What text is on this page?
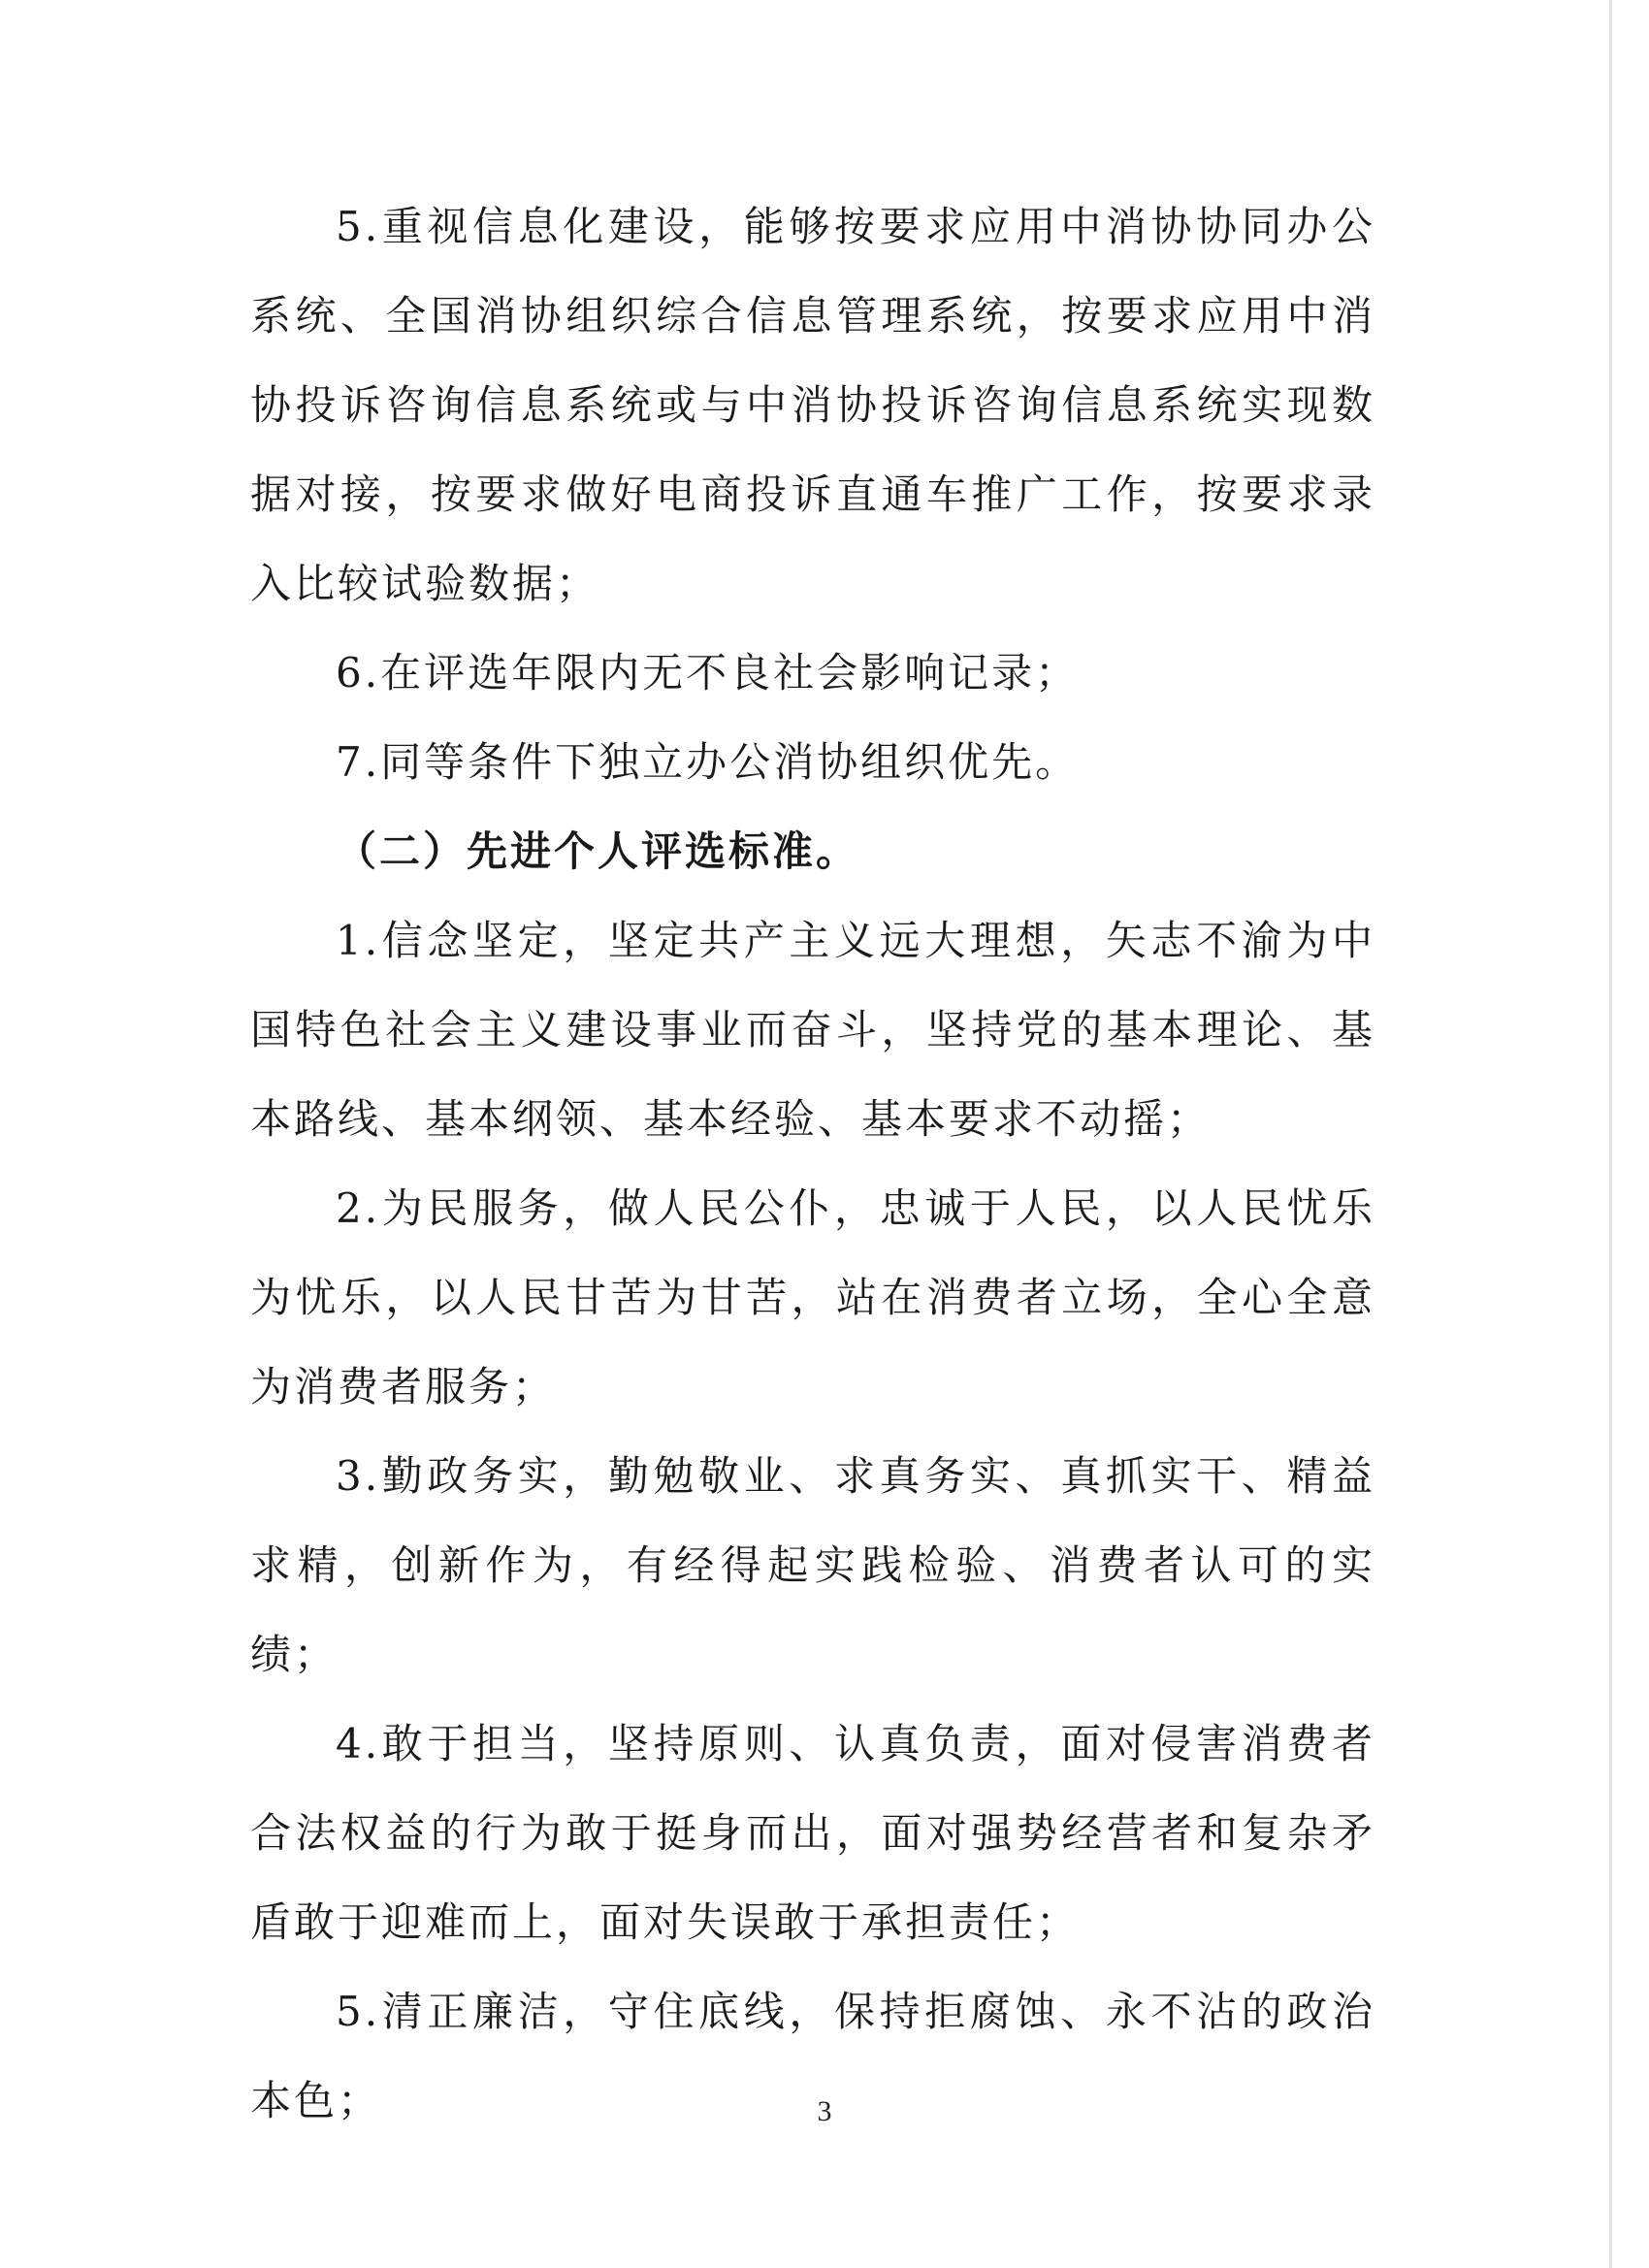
5.重视信息化建设，能够按要求应用中消协协同办公系统、全国消协组织综合信息管理系统，按要求应用中消协投诉咨询信息系统或与中消协投诉咨询信息系统实现数据对接，按要求做好电商投诉直通车推广工作，按要求录入比较试验数据；

6.在评选年限内无不良社会影响记录；

7.同等条件下独立办公消协组织优先。

（二）先进个人评选标准。

1.信念坚定，坚定共产主义远大理想，矢志不渝为中国特色社会主义建设事业而奋斗，坚持党的基本理论、基本路线、基本纲领、基本经验、基本要求不动摇；

2.为民服务，做人民公仆，忠诚于人民，以人民忧乐为忧乐，以人民甘苦为甘苦，站在消费者立场，全心全意为消费者服务；

3.勤政务实，勤勉敬业、求真务实、真抓实干、精益求精，创新作为，有经得起实践检验、消费者认可的实绩；

4.敢于担当，坚持原则、认真负责，面对侵害消费者合法权益的行为敢于挺身而出，面对强势经营者和复杂矛盾敢于迎难而上，面对失误敢于承担责任；

5.清正廉洁，守住底线，保持拒腐蚀、永不沾的政治本色；	3
